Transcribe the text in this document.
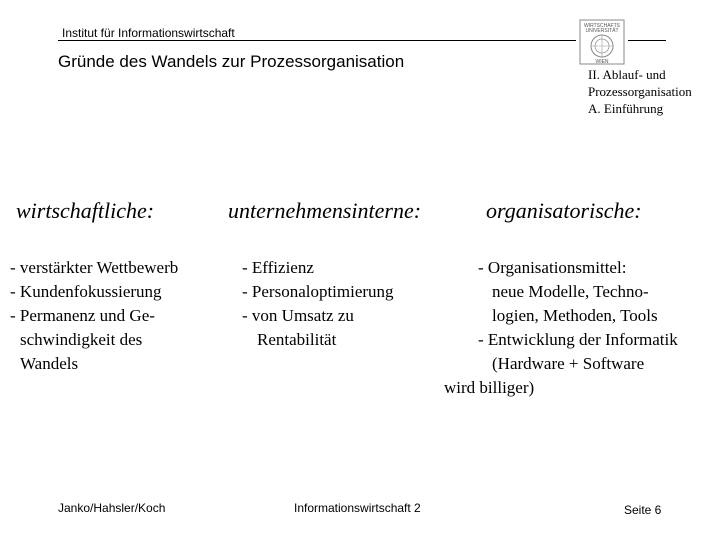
Institut für Informationswirtschaft	WIRTSCHAFTS
UNIVERSITÄT
WIEN
Gründe des Wandels zur Prozessorganisation
II. Ablauf- und
Prozessorganisation
A. Einführung
wirtschaftliche:	unternehmensinterne:	organisatorische:
- verstärkter Wettbewerb
- Kundenfokussierung
- Permanenz und Ge-
schwindigkeit des
Wandels
- Effizienz
- Personaloptimierung
- von Umsatz zu
Rentabilität
- Organisationsmittel:
neue Modelle, Techno-
logien, Methoden, Tools
- Entwicklung der Informatik
(Hardware + Software
wird billiger)
Janko/Hahsler/Koch	Informationswirtschaft 2	Seite 6
